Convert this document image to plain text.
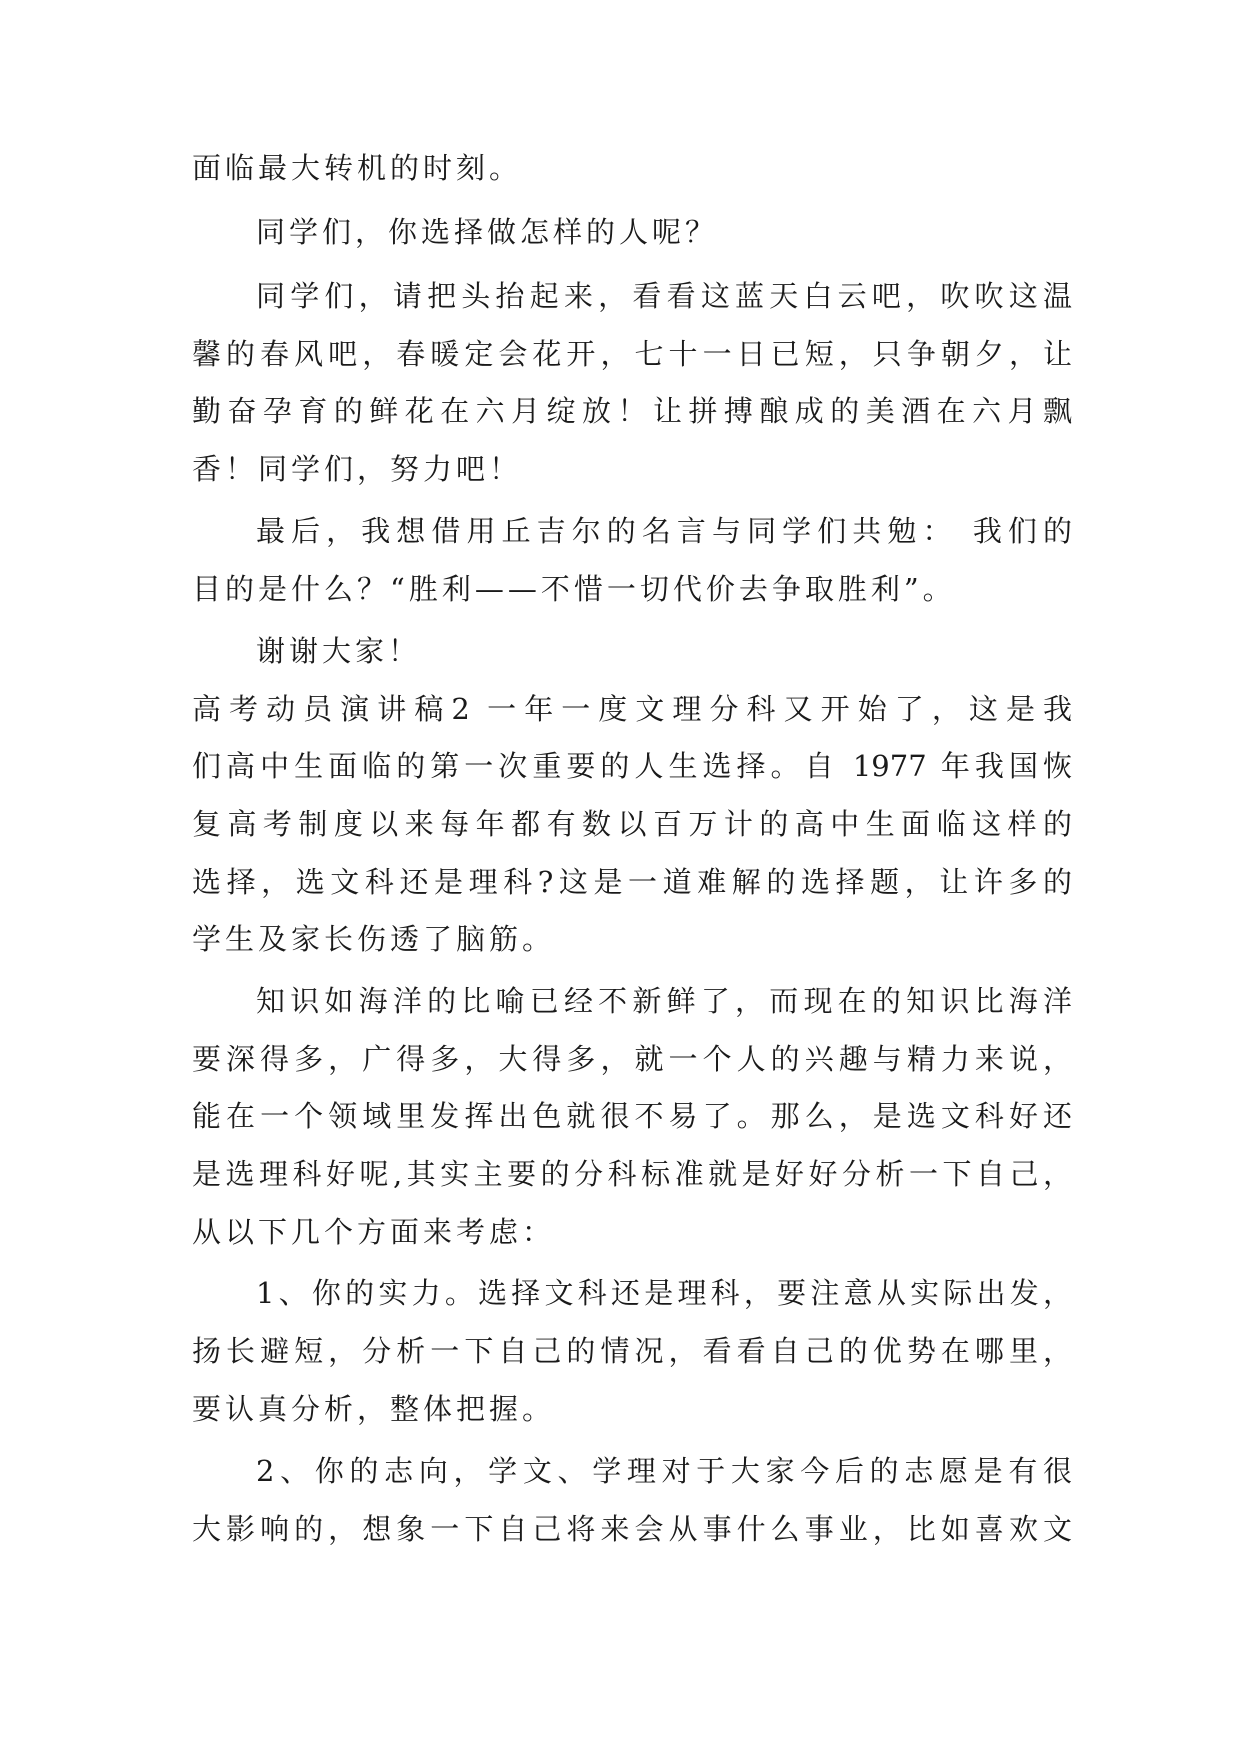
面临最大转机的时刻。
同学们，你选择做怎样的人呢？
同学们，请把头抬起来，看看这蓝天白云吧，吹吹这温
馨的春风吧，春暖定会花开，七十一日已短，只争朝夕，让
勤奋孕育的鲜花在六月绽放！让拼搏酿成的美酒在六月飘
香！同学们，努力吧！
最后，我想借用丘吉尔的名言与同学们共勉： 我们的
目的是什么？“胜利——不惜一切代价去争取胜利”。
谢谢大家！
高考动员演讲稿2 一年一度文理分科又开始了，这是我
们高中生面临的第一次重要的人生选择。自 1977 年我国恢
复高考制度以来每年都有数以百万计的高中生面临这样的
选择，选文科还是理科?这是一道难解的选择题，让许多的
学生及家长伤透了脑筋。
知识如海洋的比喻已经不新鲜了，而现在的知识比海洋
要深得多，广得多，大得多，就一个人的兴趣与精力来说，
能在一个领域里发挥出色就很不易了。那么，是选文科好还
是选理科好呢,其实主要的分科标准就是好好分析一下自己，
从以下几个方面来考虑：
1、你的实力。选择文科还是理科，要注意从实际出发，
扬长避短，分析一下自己的情况，看看自己的优势在哪里，
要认真分析，整体把握。
2、你的志向，学文、学理对于大家今后的志愿是有很
大影响的，想象一下自己将来会从事什么事业，比如喜欢文
